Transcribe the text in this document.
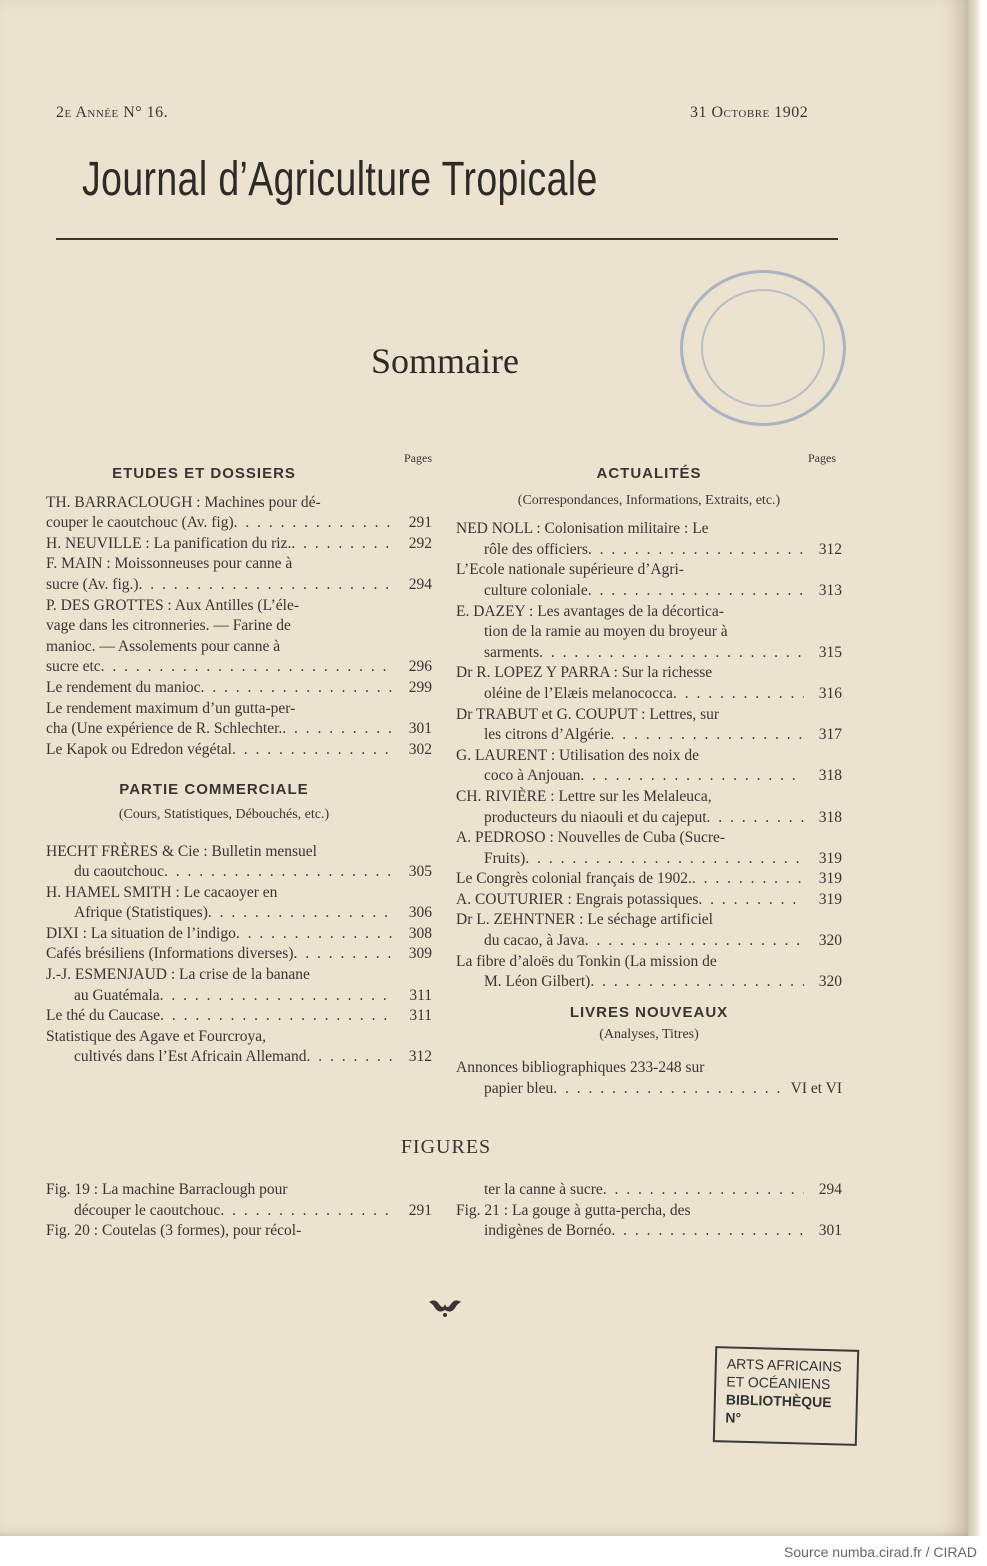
2e Année N° 16.	31 Octobre 1902
Journal d’Agriculture Tropicale
Sommaire
Pages
ETUDES ET DOSSIERS
TH. BARRACLOUGH : Machines pour dé-
couper le caoutchouc (Av. fig) . . .	291
H. NEUVILLE : La panification du riz. . . .	292
F. MAIN : Moissonneuses pour canne à
sucre (Av. fig.) . . .	294
P. DES GROTTES : Aux Antilles (L’éle-
vage dans les citronneries. — Farine de
manioc. — Assolements pour canne à
sucre etc . . .	296
Le rendement du manioc . . .	299
Le rendement maximum d’un gutta-per-
cha (Une expérience de R. Schlechter. . . .	301
Le Kapok ou Edredon végétal . . .	302
PARTIE COMMERCIALE
(Cours, Statistiques, Débouchés, etc.)
HECHT FRÈRES & Cie : Bulletin mensuel
du caoutchouc . . .	305
H. HAMEL SMITH : Le cacaoyer en
Afrique (Statistiques) . . .	306
DIXI : La situation de l’indigo . . .	308
Cafés brésiliens (Informations diverses) . . .	309
J.-J. ESMENJAUD : La crise de la banane
au Guatémala . . .	311
Le thé du Caucase . . .	311
Statistique des Agave et Fourcroya,
cultivés dans l’Est Africain Allemand . . .	312
Pages
ACTUALITÉS
(Correspondances, Informations, Extraits, etc.)
NED NOLL : Colonisation militaire : Le
rôle des officiers . . .	312
L’Ecole nationale supérieure d’Agri-
culture coloniale . . .	313
E. DAZEY : Les avantages de la décortica-
tion de la ramie au moyen du broyeur à
sarments . . .	315
Dr R. LOPEZ Y PARRA : Sur la richesse
oléine de l’Elæis melanococca . . .	316
Dr TRABUT et G. COUPUT : Lettres, sur
les citrons d’Algérie . . .	317
G. LAURENT : Utilisation des noix de
coco à Anjouan . . .	318
CH. RIVIÈRE : Lettre sur les Melaleuca,
producteurs du niaouli et du cajeput . . .	318
A. PEDROSO : Nouvelles de Cuba (Sucre-
Fruits) . . .	319
Le Congrès colonial français de 1902. . . .	319
A. COUTURIER : Engrais potassiques . . .	319
Dr L. ZEHNTNER : Le séchage artificiel
du cacao, à Java . . .	320
La fibre d’aloës du Tonkin (La mission de
M. Léon Gilbert) . . .	320
LIVRES NOUVEAUX
(Analyses, Titres)
Annonces bibliographiques 233-248 sur
papier bleu . . .	VI et VI
FIGURES
Fig. 19 : La machine Barraclough pour
découper le caoutchouc . . .	291
Fig. 20 : Coutelas (3 formes), pour récol-
ter la canne à sucre . . .	294
Fig. 21 : La gouge à gutta-percha, des
indigènes de Bornéo . . .	301
ARTS AFRICAINS
ET OCÉANIENS
BIBLIOTHÈQUE
N°
Source numba.cirad.fr / CIRAD
